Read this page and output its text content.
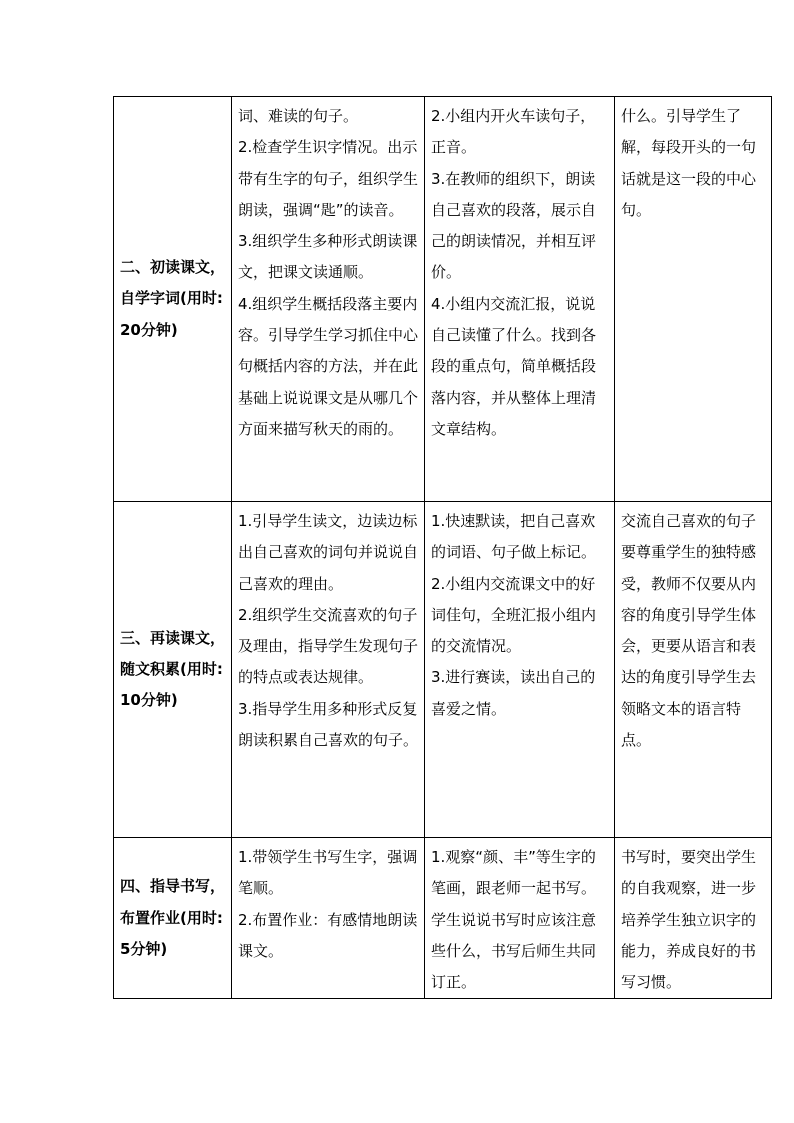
二、初读课文，自学字词(用时:20分钟)	词、难读的句子。
2.检查学生识字情况。出示带有生字的句子，组织学生朗读，强调“匙”的读音。
3.组织学生多种形式朗读课文，把课文读通顺。
4.组织学生概括段落主要内容。引导学生学习抓住中心句概括内容的方法，并在此基础上说说课文是从哪几个方面来描写秋天的雨的。	2.小组内开火车读句子，正音。
3.在教师的组织下，朗读自己喜欢的段落，展示自己的朗读情况，并相互评价。
4.小组内交流汇报，说说自己读懂了什么。找到各段的重点句，简单概括段落内容，并从整体上理清文章结构。	什么。引导学生了解，每段开头的一句话就是这一段的中心句。

三、再读课文，随文积累(用时:10分钟)	1.引导学生读文，边读边标出自己喜欢的词句并说说自己喜欢的理由。
2.组织学生交流喜欢的句子及理由，指导学生发现句子的特点或表达规律。
3.指导学生用多种形式反复朗读积累自己喜欢的句子。	1.快速默读，把自己喜欢的词语、句子做上标记。
2.小组内交流课文中的好词佳句，全班汇报小组内的交流情况。
3.进行赛读，读出自己的喜爱之情。	交流自己喜欢的句子要尊重学生的独特感受，教师不仅要从内容的角度引导学生体会，更要从语言和表达的角度引导学生去领略文本的语言特点。

四、指导书写，布置作业(用时:5分钟)	1.带领学生书写生字，强调笔顺。
2.布置作业：有感情地朗读课文。	1.观察“颜、丰”等生字的笔画，跟老师一起书写。学生说说书写时应该注意些什么，书写后师生共同订正。	书写时，要突出学生的自我观察，进一步培养学生独立识字的能力，养成良好的书写习惯。
